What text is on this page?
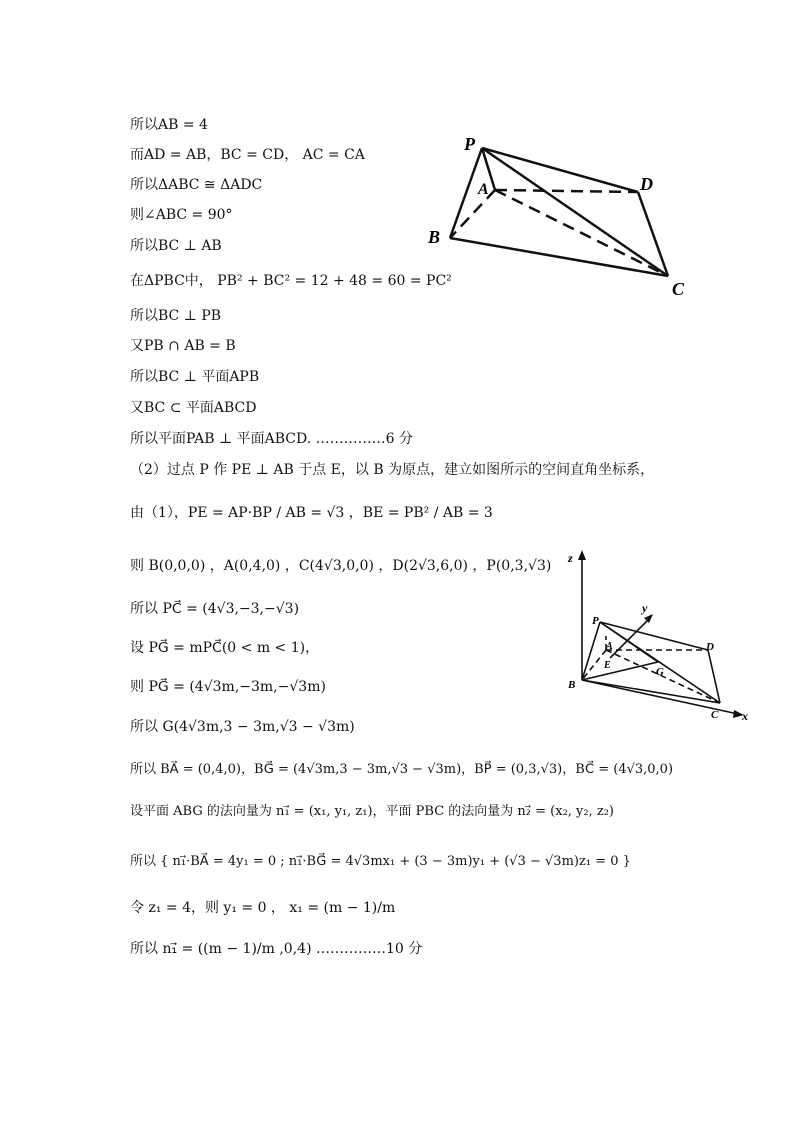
所以AB = 4
而AD = AB，BC = CD， AC = CA
所以ΔABC ≅ ΔADC
则∠ABC = 90°
所以BC ⊥ AB
在ΔPBC中， PB² + BC² = 12 + 48 = 60 = PC²
所以BC ⊥ PB
又PB ∩ AB = B
所以BC ⊥ 平面APB
又BC ⊂ 平面ABCD
所以平面PAB ⊥ 平面ABCD. ……………6 分
（2）过点 P 作 PE ⊥ AB 于点 E，以 B 为原点，建立如图所示的空间直角坐标系，
由（1），PE = AP·BP / AB = √3 ，BE = PB² / AB = 3
则 B(0,0,0) ，A(0,4,0) ，C(4√3,0,0) ，D(2√3,6,0) ，P(0,3,√3)
所以 PC⃗ = (4√3,−3,−√3)
设 PG⃗ = mPC⃗(0 < m < 1)，
则 PG⃗ = (4√3m,−3m,−√3m)
所以 G(4√3m,3 − 3m,√3 − √3m)
所以 BA⃗ = (0,4,0)，BG⃗ = (4√3m,3 − 3m,√3 − √3m)，BP⃗ = (0,3,√3)，BC⃗ = (4√3,0,0)
设平面 ABG 的法向量为 n₁⃗ = (x₁, y₁, z₁)，平面 PBC 的法向量为 n₂⃗ = (x₂, y₂, z₂)
所以 { n₁⃗·BA⃗ = 4y₁ = 0 ; n₁⃗·BG⃗ = 4√3mx₁ + (3 − 3m)y₁ + (√3 − √3m)z₁ = 0 }
令 z₁ = 4，则 y₁ = 0 ， x₁ = (m − 1)/m
所以 n₁⃗ = ((m − 1)/m ,0,4) ……………10 分
P
A	D
B
C
z
y
P
A
E
D
G
B
C x
